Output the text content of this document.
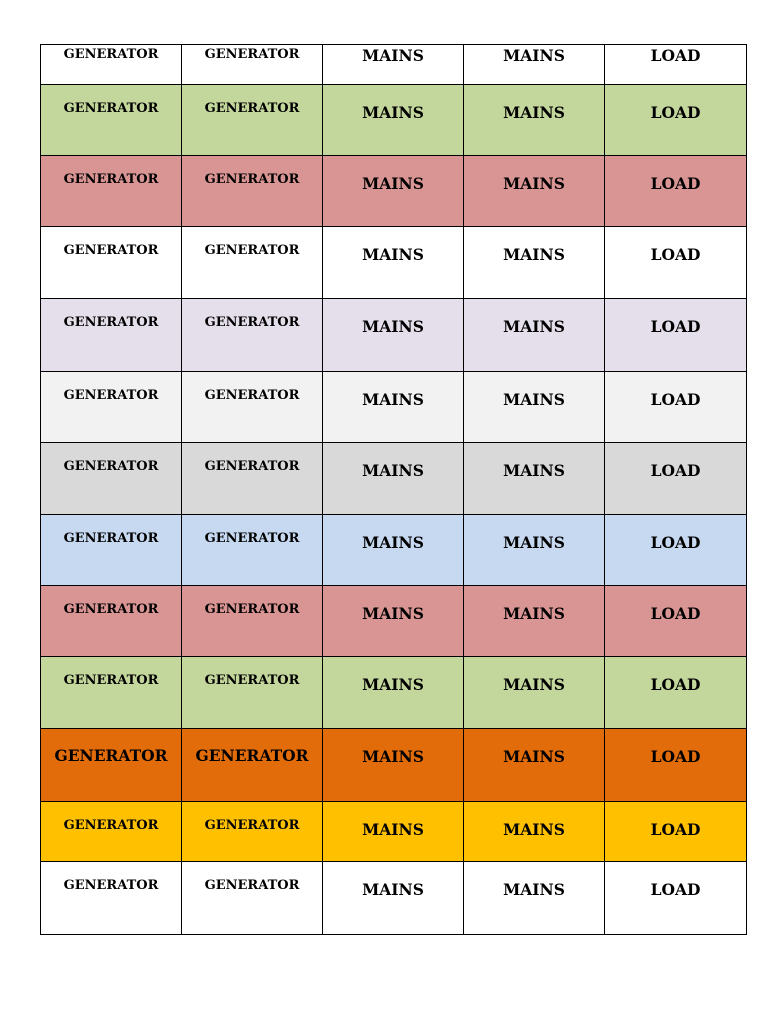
GENERATOR	GENERATOR	MAINS	MAINS	LOAD
GENERATOR	GENERATOR	MAINS	MAINS	LOAD
GENERATOR	GENERATOR	MAINS	MAINS	LOAD
GENERATOR	GENERATOR	MAINS	MAINS	LOAD
GENERATOR	GENERATOR	MAINS	MAINS	LOAD
GENERATOR	GENERATOR	MAINS	MAINS	LOAD
GENERATOR	GENERATOR	MAINS	MAINS	LOAD
GENERATOR	GENERATOR	MAINS	MAINS	LOAD
GENERATOR	GENERATOR	MAINS	MAINS	LOAD
GENERATOR	GENERATOR	MAINS	MAINS	LOAD
GENERATOR	GENERATOR	MAINS	MAINS	LOAD
GENERATOR	GENERATOR	MAINS	MAINS	LOAD
GENERATOR	GENERATOR	MAINS	MAINS	LOAD
